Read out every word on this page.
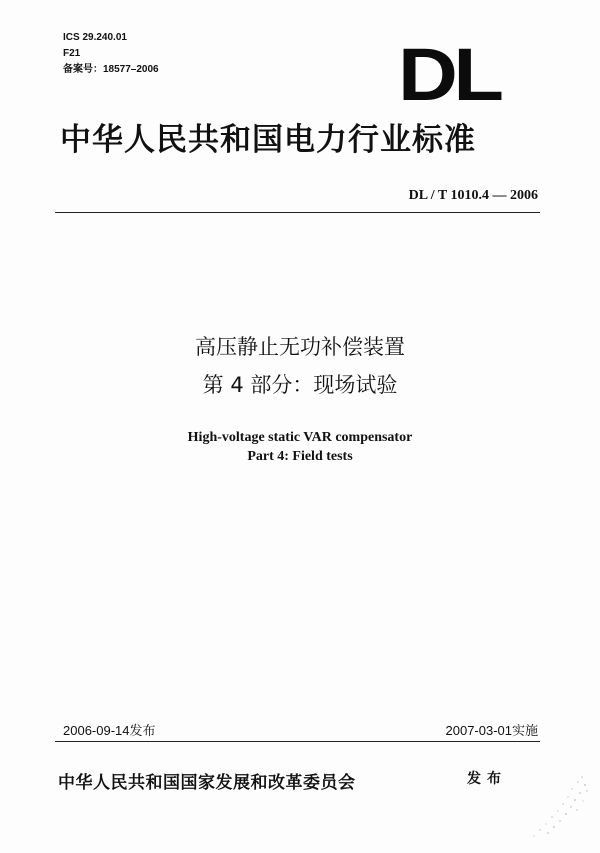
ICS 29.240.01
F21
备案号：18577–2006	DL
中华人民共和国电力行业标准
DL / T 1010.4 — 2006
高压静止无功补偿装置
第 4 部分：现场试验
High-voltage static VAR compensator
Part 4: Field tests
2006-09-14发布	2007-03-01实施
中华人民共和国国家发展和改革委员会	发布
